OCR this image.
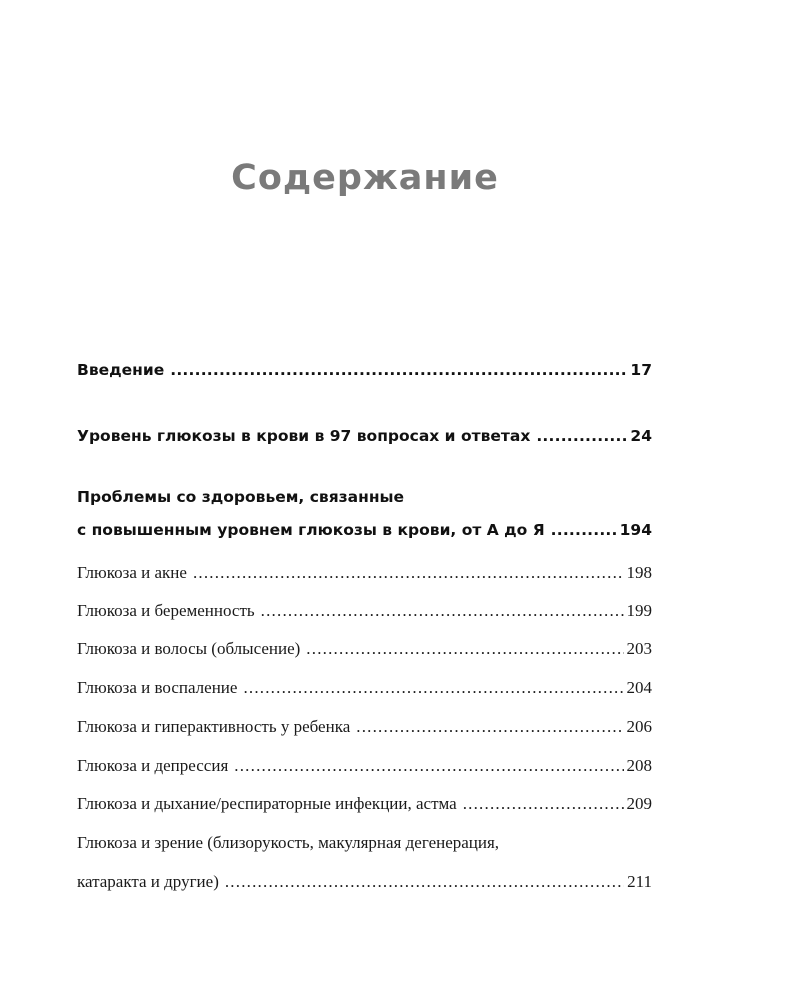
Содержание
Введение .....	17
Уровень глюкозы в крови в 97 вопросах и ответах .....	24
Проблемы со здоровьем, связанные
с повышенным уровнем глюкозы в крови, от А до Я .....	194
Глюкоза и акне .....	198
Глюкоза и беременность .....	199
Глюкоза и волосы (облысение) .....	203
Глюкоза и воспаление .....	204
Глюкоза и гиперактивность у ребенка .....	206
Глюкоза и депрессия .....	208
Глюкоза и дыхание/респираторные инфекции, астма .....	209
Глюкоза и зрение (близорукость, макулярная дегенерация,
катаракта и другие) .....	211
